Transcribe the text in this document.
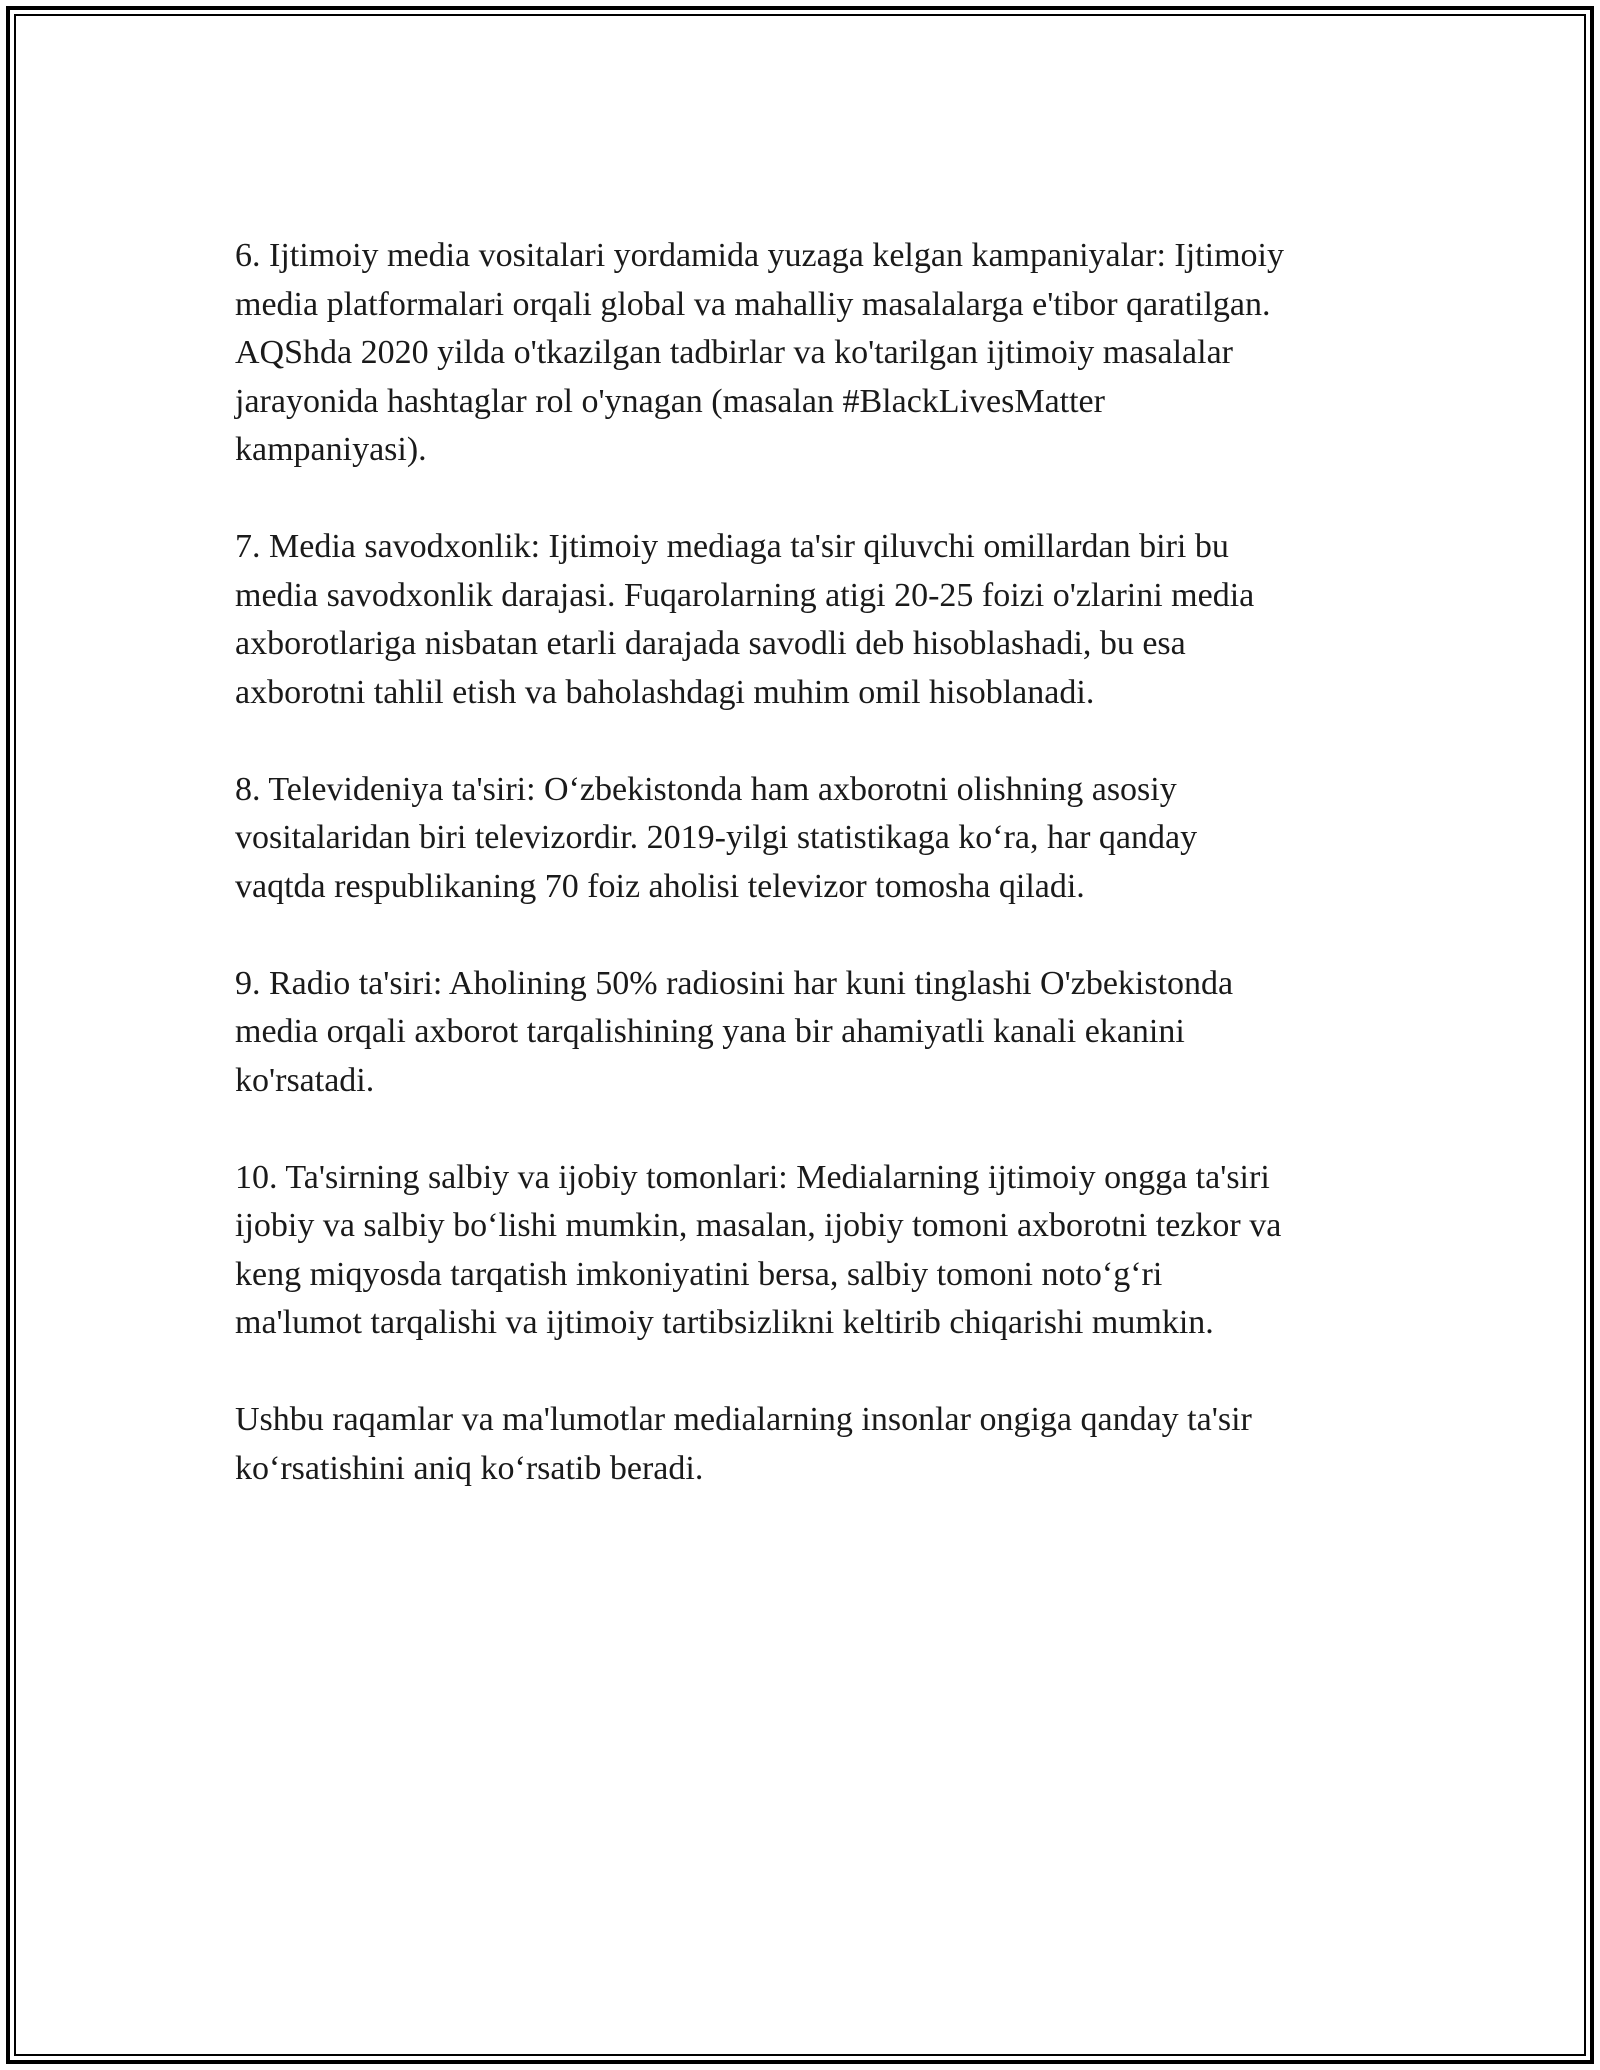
6. Ijtimoiy media vositalari yordamida yuzaga kelgan kampaniyalar: Ijtimoiy
media platformalari orqali global va mahalliy masalalarga e'tibor qaratilgan.
AQShda 2020 yilda o'tkazilgan tadbirlar va ko'tarilgan ijtimoiy masalalar
jarayonida hashtaglar rol o'ynagan (masalan #BlackLivesMatter
kampaniyasi).

7. Media savodxonlik: Ijtimoiy mediaga ta'sir qiluvchi omillardan biri bu
media savodxonlik darajasi. Fuqarolarning atigi 20-25 foizi o'zlarini media
axborotlariga nisbatan etarli darajada savodli deb hisoblashadi, bu esa
axborotni tahlil etish va baholashdagi muhim omil hisoblanadi.

8. Televideniya ta'siri: Oʻzbekistonda ham axborotni olishning asosiy
vositalaridan biri televizordir. 2019-yilgi statistikaga koʻra, har qanday
vaqtda respublikaning 70 foiz aholisi televizor tomosha qiladi.

9. Radio ta'siri: Aholining 50% radiosini har kuni tinglashi O'zbekistonda
media orqali axborot tarqalishining yana bir ahamiyatli kanali ekanini
ko'rsatadi.

10. Ta'sirning salbiy va ijobiy tomonlari: Medialarning ijtimoiy ongga ta'siri
ijobiy va salbiy boʻlishi mumkin, masalan, ijobiy tomoni axborotni tezkor va
keng miqyosda tarqatish imkoniyatini bersa, salbiy tomoni notoʻgʻri
ma'lumot tarqalishi va ijtimoiy tartibsizlikni keltirib chiqarishi mumkin.

Ushbu raqamlar va ma'lumotlar medialarning insonlar ongiga qanday ta'sir
koʻrsatishini aniq koʻrsatib beradi.
